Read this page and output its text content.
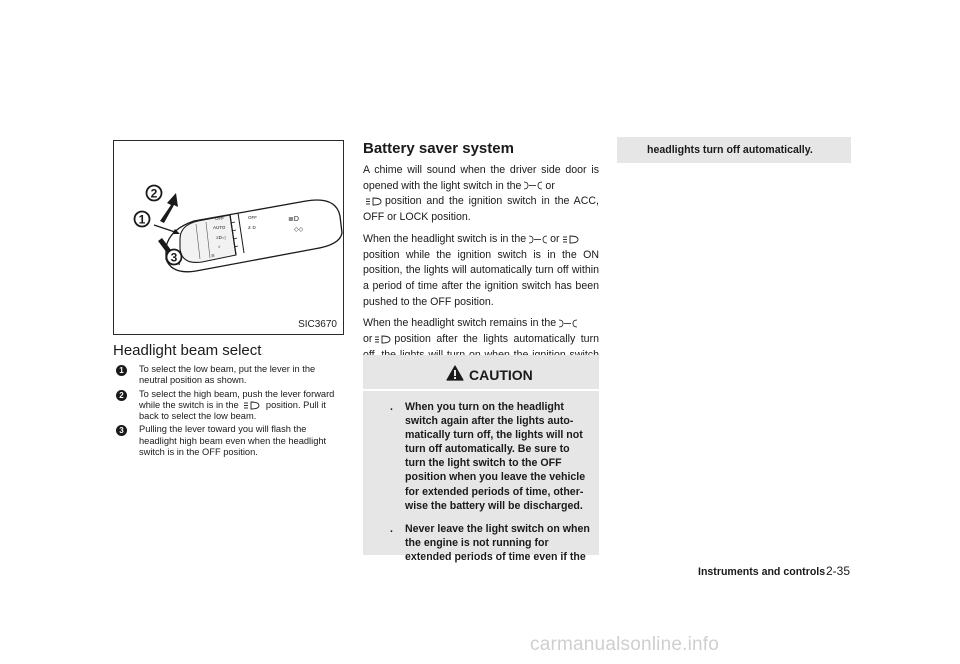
OFF
AUTO
≡D◁
☼
≋
OFF
≢D
≣D
◇◇
2
1
3
SIC3670
Headlight beam select
1	To select the low beam, put the lever in the neutral position as shown.
2	To select the high beam, push the lever forward while the switch is in the	position. Pull it back to select the low beam.
3	Pulling the lever toward you will flash the headlight high beam even when the headlight switch is in the OFF position.
Battery saver system

A chime will sound when the driver side door is opened with the light switch in the or
position and the ignition switch in the ACC, OFF or LOCK position.

When the headlight switch is in the or
position while the ignition switch is in the ON position, the lights will automatically turn off within a period of time after the ignition switch has been pushed to the OFF position.

When the headlight switch remains in the
or position after the lights automatically turn

CAUTION
. When you turn on the headlight switch again after the lights auto-matically turn off, the lights will not turn off automatically. Be sure to turn the light switch to the OFF position when you leave the vehicle for extended periods of time, other-wise the battery will be discharged.
. Never leave the light switch on when the engine is not running for extended periods of time even if the
headlights turn off automatically.
Instruments and controls 2-35
carmanualsonline.info
